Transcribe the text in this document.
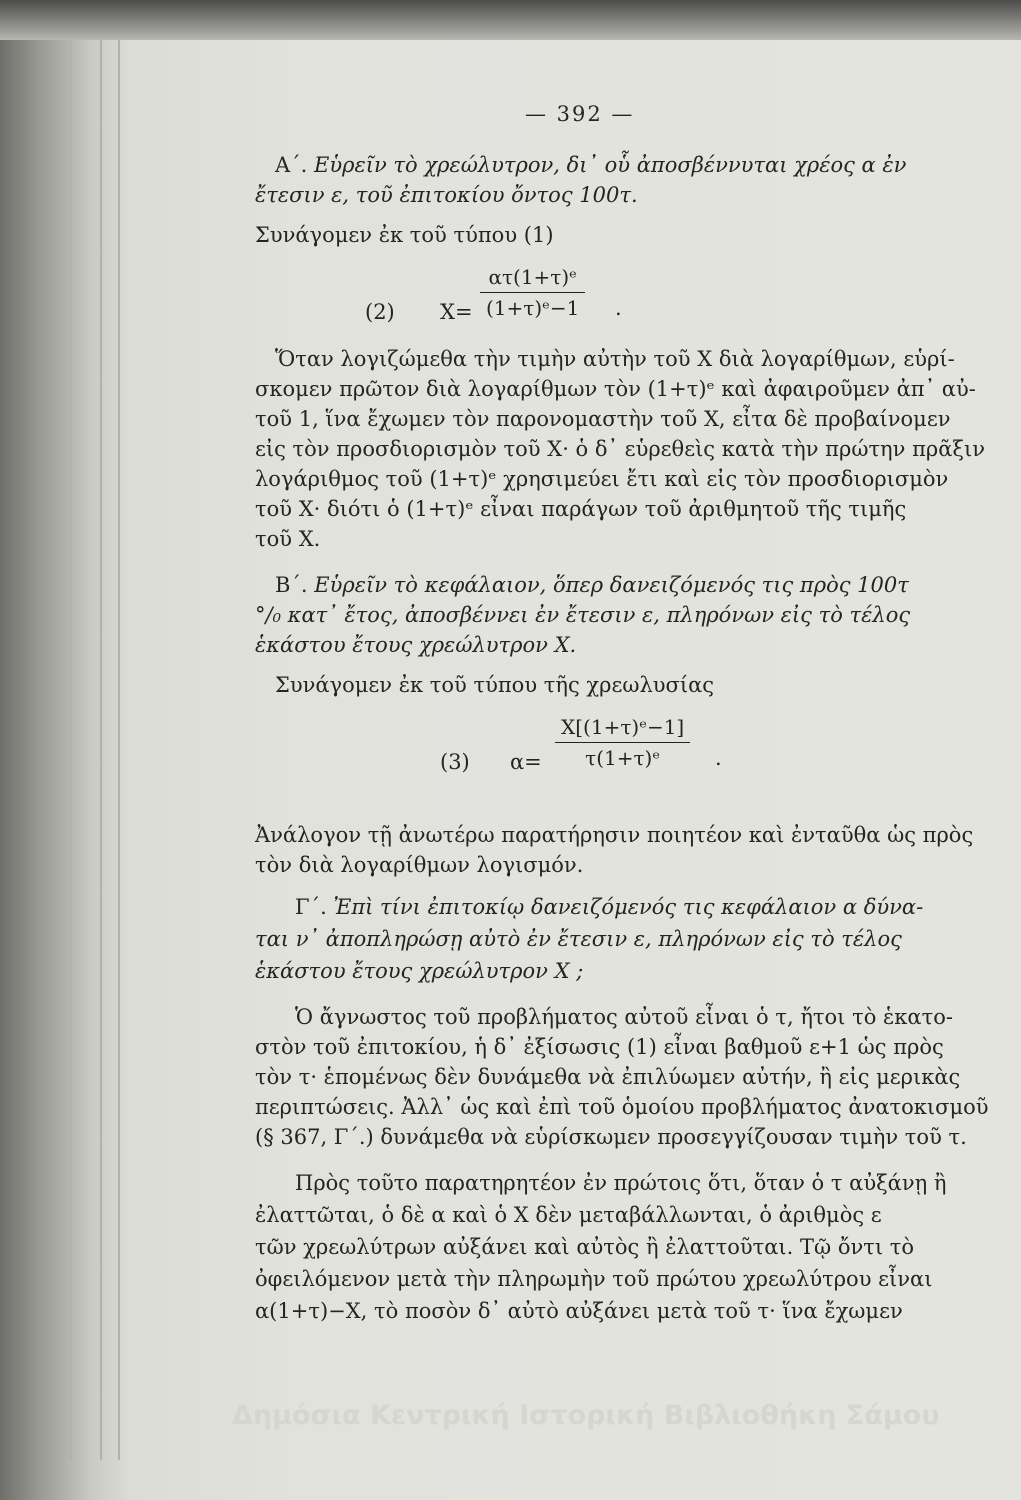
— 392 —
Α΄. Εὑρεῖν τὸ χρεώλυτρον, δι᾽ οὗ ἀποσβέννυται χρέος α ἐν
ἔτεσιν ε, τοῦ ἐπιτοκίου ὄντος 100τ.
Συνάγομεν ἐκ τοῦ τύπου (1)
(2) $X= \frac{\text{ατ(1+τ)ᵉ}}{\text{(1+τ)ᵉ−1}}$ .
Ὅταν λογιζώμεθα τὴν τιμὴν αὐτὴν τοῦ X διὰ λογαρίθμων, εὑρί-
σκομεν πρῶτον διὰ λογαρίθμων τὸν (1+τ)ᵉ καὶ ἀφαιροῦμεν ἀπ᾽ αὐ-
τοῦ 1, ἵνα ἔχωμεν τὸν παρονομαστὴν τοῦ X, εἶτα δὲ προβαίνομεν
εἰς τὸν προσδιορισμὸν τοῦ X· ὁ δ᾽ εὑρεθεὶς κατὰ τὴν πρώτην πρᾶξιν
λογάριθμος τοῦ (1+τ)ᵉ χρησιμεύει ἔτι καὶ εἰς τὸν προσδιορισμὸν
τοῦ X· διότι ὁ (1+τ)ᵉ εἶναι παράγων τοῦ ἀριθμητοῦ τῆς τιμῆς
τοῦ X.
Β΄. Εὑρεῖν τὸ κεφάλαιον, ὅπερ δανειζόμενός τις πρὸς 100τ
°/₀ κατ᾽ ἔτος, ἀποσβέννει ἐν ἔτεσιν ε, πληρόνων εἰς τὸ τέλος
ἑκάστου ἔτους χρεώλυτρον X.
Συνάγομεν ἐκ τοῦ τύπου τῆς χρεωλυσίας
(3) $\alpha= \frac{\text{X[(1+τ)ᵉ−1]}}{\text{τ(1+τ)ᵉ}}$ .
Ἀνάλογον τῇ ἀνωτέρω παρατήρησιν ποιητέον καὶ ἐνταῦθα ὡς πρὸς
τὸν διὰ λογαρίθμων λογισμόν.
Γ΄. Ἐπὶ τίνι ἐπιτοκίῳ δανειζόμενός τις κεφάλαιον α δύνα-
ται ν᾽ ἀποπληρώσῃ αὐτὸ ἐν ἔτεσιν ε, πληρόνων εἰς τὸ τέλος
ἑκάστου ἔτους χρεώλυτρον X ;
Ὁ ἄγνωστος τοῦ προβλήματος αὐτοῦ εἶναι ὁ τ, ἤτοι τὸ ἑκατο-
στὸν τοῦ ἐπιτοκίου, ἡ δ᾽ ἐξίσωσις (1) εἶναι βαθμοῦ ε+1 ὡς πρὸς
τὸν τ· ἑπομένως δὲν δυνάμεθα νὰ ἐπιλύωμεν αὐτήν, ἢ εἰς μερικὰς
περιπτώσεις. Ἀλλ᾽ ὡς καὶ ἐπὶ τοῦ ὁμοίου προβλήματος ἀνατοκισμοῦ
(§ 367, Γ΄.) δυνάμεθα νὰ εὑρίσκωμεν προσεγγίζουσαν τιμὴν τοῦ τ.
Πρὸς τοῦτο παρατηρητέον ἐν πρώτοις ὅτι, ὅταν ὁ τ αὐξάνῃ ἢ
ἐλαττῶται, ὁ δὲ α καὶ ὁ X δὲν μεταβάλλωνται, ὁ ἀριθμὸς ε
τῶν χρεωλύτρων αὐξάνει καὶ αὐτὸς ἢ ἐλαττοῦται. Τῷ ὄντι τὸ
ὀφειλόμενον μετὰ τὴν πληρωμὴν τοῦ πρώτου χρεωλύτρου εἶναι
α(1+τ)−X, τὸ ποσὸν δ᾽ αὐτὸ αὐξάνει μετὰ τοῦ τ· ἵνα ἔχωμεν
Δημόσια Κεντρική Ιστορική Βιβλιοθήκη Σάμου
